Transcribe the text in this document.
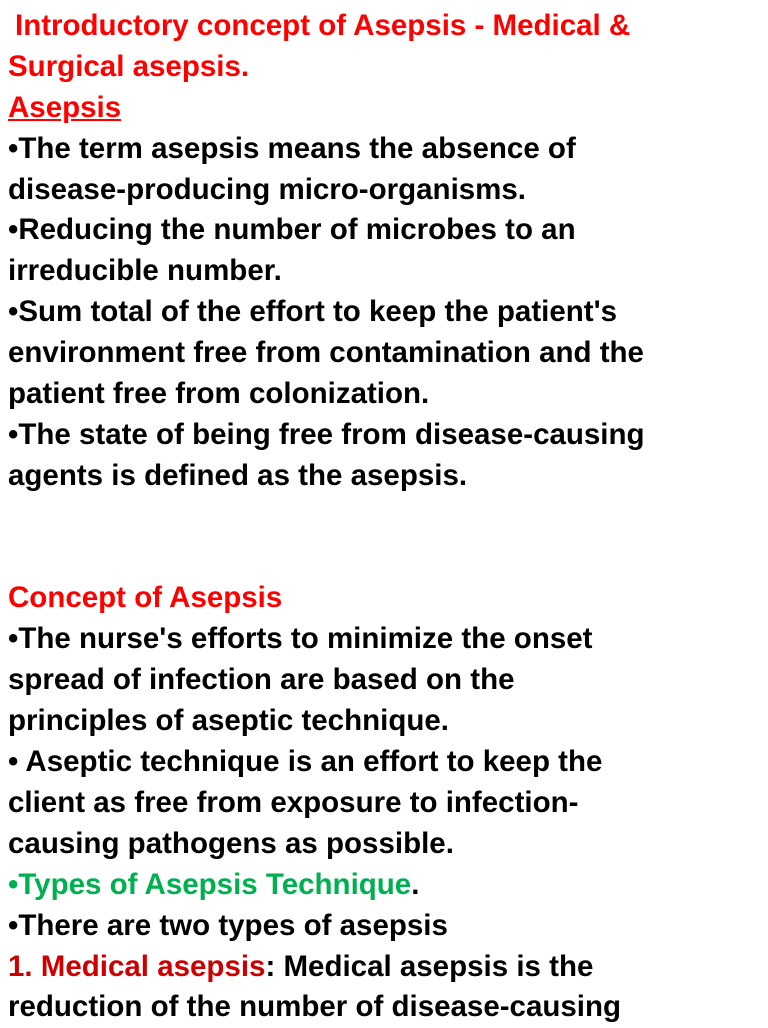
Introductory concept of Asepsis - Medical &
Surgical asepsis.
Asepsis
•The term asepsis means the absence of
disease-producing micro-organisms.
•Reducing the number of microbes to an
irreducible number.
•Sum total of the effort to keep the patient's
environment free from contamination and the
patient free from colonization.
•The state of being free from disease-causing
agents is defined as the asepsis.
Concept of Asepsis
•The nurse's efforts to minimize the onset
spread of infection are based on the
principles of aseptic technique.
• Aseptic technique is an effort to keep the
client as free from exposure to infection-
causing pathogens as possible.
•Types of Asepsis Technique.
•There are two types of asepsis
1. Medical asepsis: Medical asepsis is the
reduction of the number of disease-causing
